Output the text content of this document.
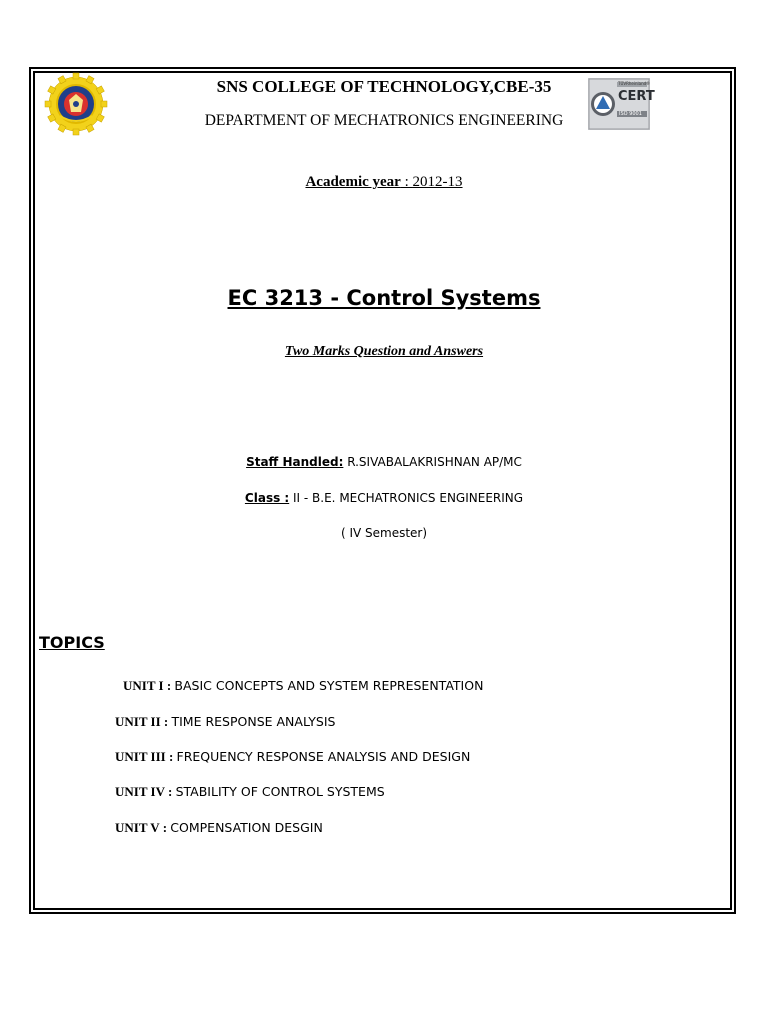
TÜVRheinland®
CERT
ISO 9001
SNS COLLEGE OF TECHNOLOGY,CBE-35
DEPARTMENT OF MECHATRONICS ENGINEERING
Academic year : 2012-13
EC 3213 - Control Systems
Two Marks Question and Answers
Staff Handled: R.SIVABALAKRISHNAN AP/MC
Class : II - B.E. MECHATRONICS ENGINEERING
( IV Semester)
TOPICS
UNIT I : BASIC CONCEPTS AND SYSTEM REPRESENTATION
UNIT II : TIME RESPONSE ANALYSIS
UNIT III : FREQUENCY RESPONSE ANALYSIS AND DESIGN
UNIT IV : STABILITY OF CONTROL SYSTEMS
UNIT V : COMPENSATION DESGIN
